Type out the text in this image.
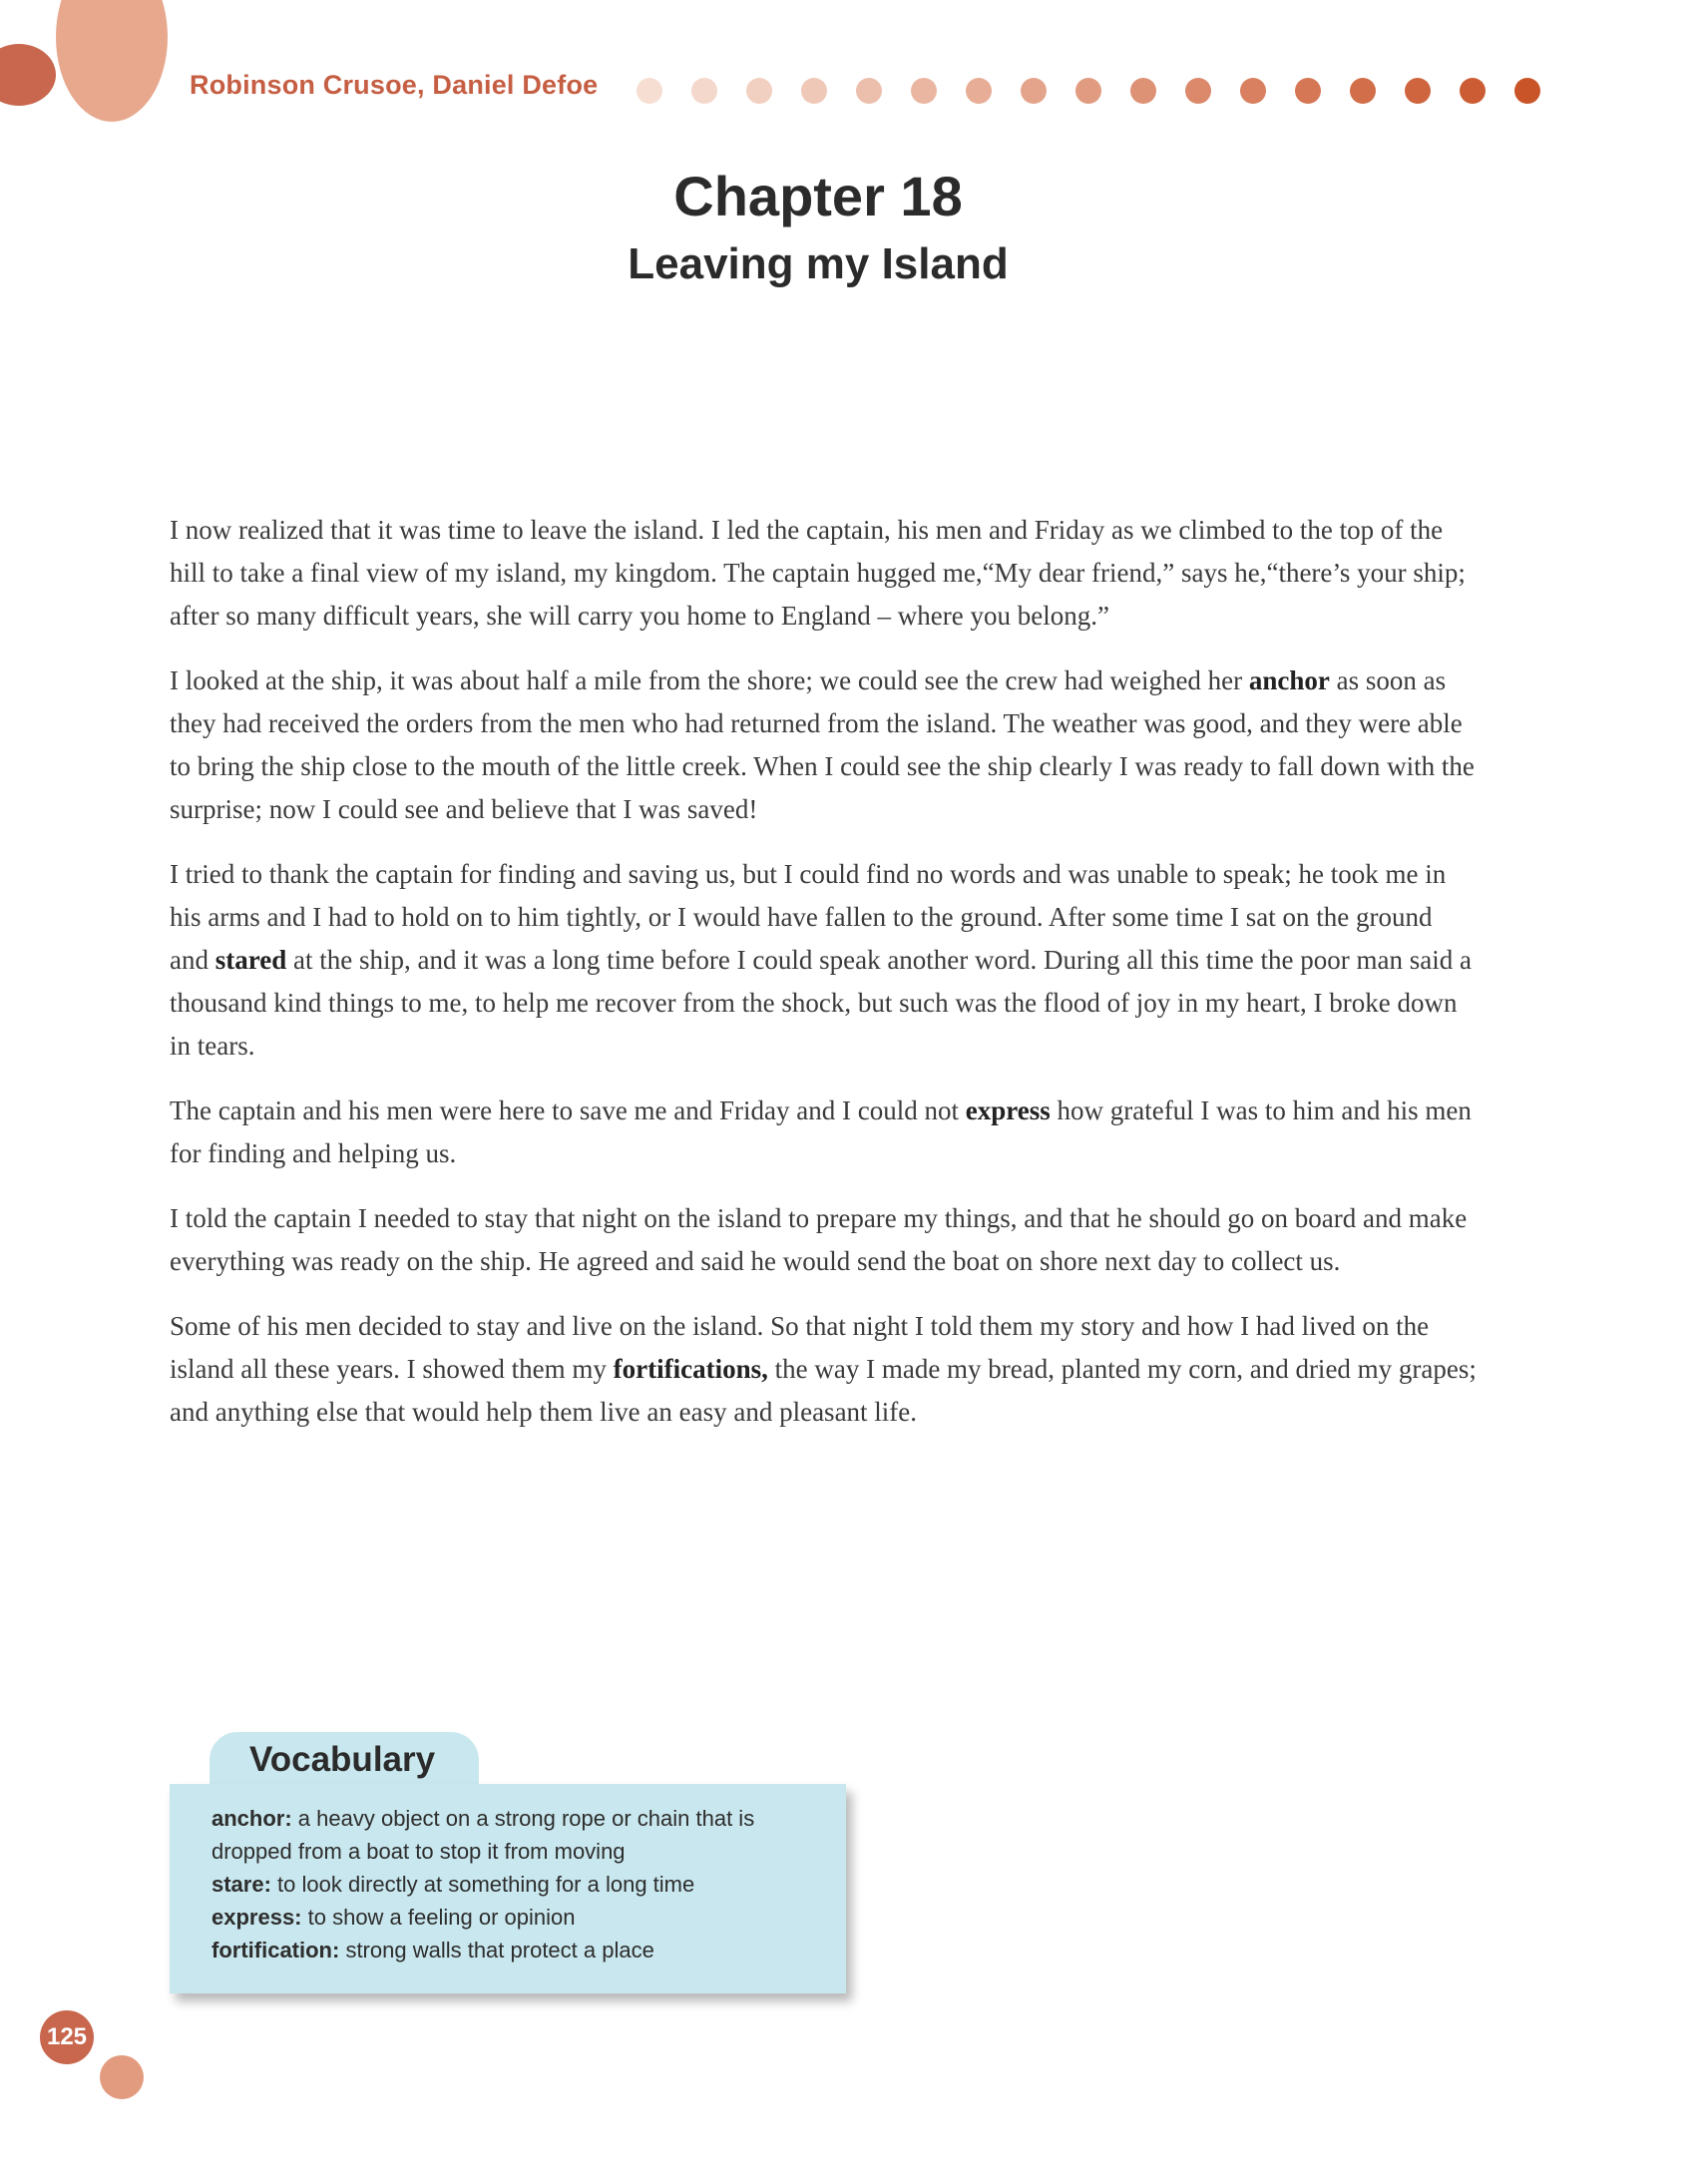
Robinson Crusoe, Daniel Defoe
Chapter 18
Leaving my Island

I now realized that it was time to leave the island. I led the captain, his men and Friday as we climbed to the top of the hill to take a final view of my island, my kingdom. The captain hugged me,“My dear friend,” says he,“there’s your ship; after so many difficult years, she will carry you home to England – where you belong.”

I looked at the ship, it was about half a mile from the shore; we could see the crew had weighed her anchor as soon as they had received the orders from the men who had returned from the island. The weather was good, and they were able to bring the ship close to the mouth of the little creek. When I could see the ship clearly I was ready to fall down with the surprise; now I could see and believe that I was saved!

I tried to thank the captain for finding and saving us, but I could find no words and was unable to speak; he took me in his arms and I had to hold on to him tightly, or I would have fallen to the ground. After some time I sat on the ground and stared at the ship, and it was a long time before I could speak another word. During all this time the poor man said a thousand kind things to me, to help me recover from the shock, but such was the flood of joy in my heart, I broke down in tears.

The captain and his men were here to save me and Friday and I could not express how grateful I was to him and his men for finding and helping us.

I told the captain I needed to stay that night on the island to prepare my things, and that he should go on board and make everything was ready on the ship. He agreed and said he would send the boat on shore next day to collect us.

Some of his men decided to stay and live on the island. So that night I told them my story and how I had lived on the island all these years. I showed them my fortifications, the way I made my bread, planted my corn, and dried my grapes; and anything else that would help them live an easy and pleasant life.

Vocabulary

anchor: a heavy object on a strong rope or chain that is dropped from a boat to stop it from moving

stare: to look directly at something for a long time

express: to show a feeling or opinion

fortification: strong walls that protect a place

125
